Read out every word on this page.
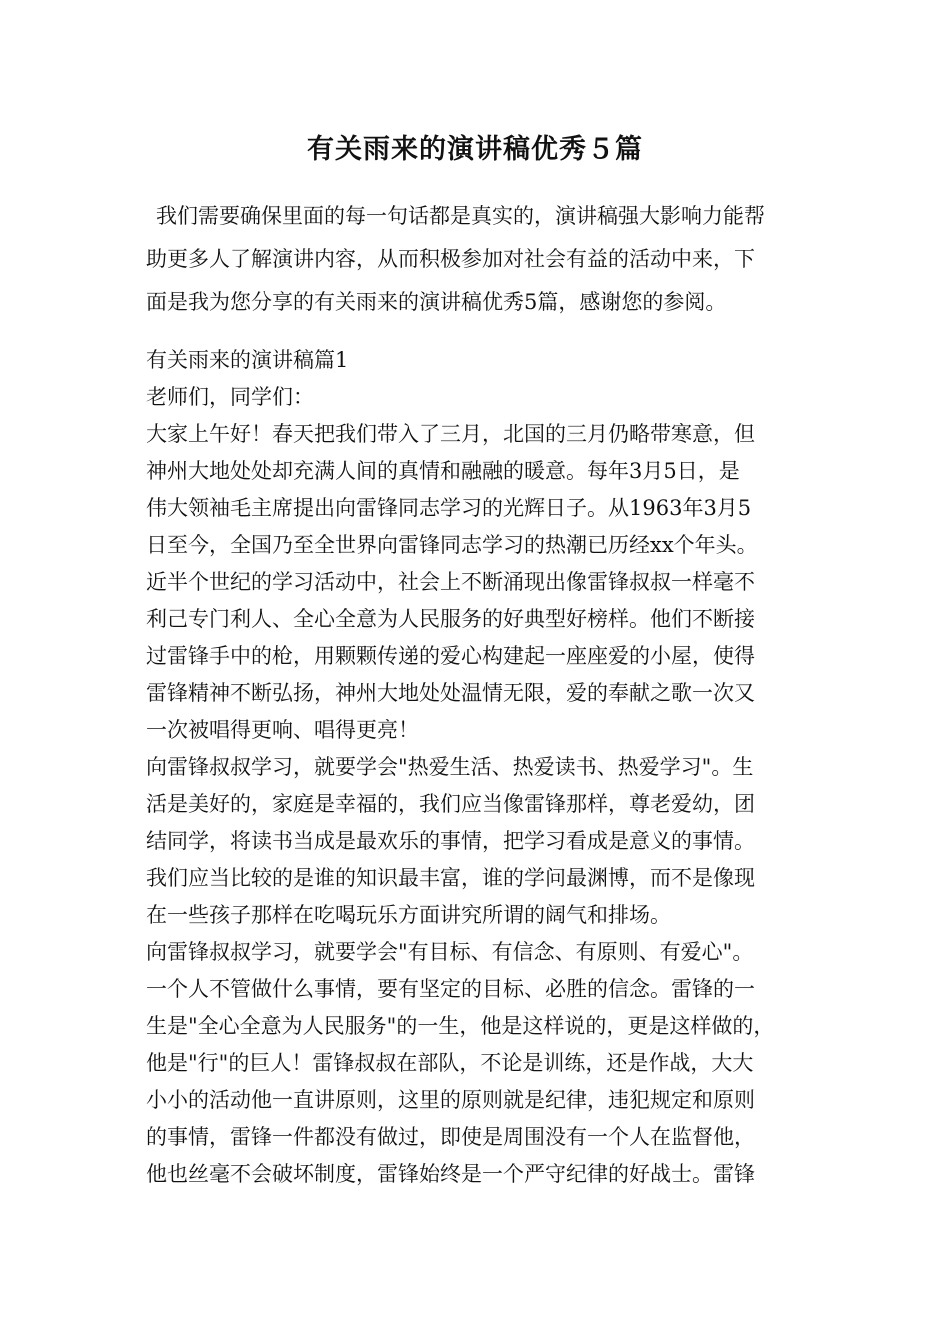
有关雨来的演讲稿优秀５篇
我们需要确保里面的每一句话都是真实的，演讲稿强大影响力能帮
助更多人了解演讲内容，从而积极参加对社会有益的活动中来，下
面是我为您分享的有关雨来的演讲稿优秀5篇，感谢您的参阅。
有关雨来的演讲稿篇1
老师们，同学们：
大家上午好！春天把我们带入了三月，北国的三月仍略带寒意，但
神州大地处处却充满人间的真情和融融的暖意。每年3月5日，是
伟大领袖毛主席提出向雷锋同志学习的光辉日子。从1963年3月5
日至今，全国乃至全世界向雷锋同志学习的热潮已历经xx个年头。
近半个世纪的学习活动中，社会上不断涌现出像雷锋叔叔一样毫不
利己专门利人、全心全意为人民服务的好典型好榜样。他们不断接
过雷锋手中的枪，用颗颗传递的爱心构建起一座座爱的小屋，使得
雷锋精神不断弘扬，神州大地处处温情无限，爱的奉献之歌一次又
一次被唱得更响、唱得更亮！
向雷锋叔叔学习，就要学会"热爱生活、热爱读书、热爱学习"。生
活是美好的，家庭是幸福的，我们应当像雷锋那样，尊老爱幼，团
结同学，将读书当成是最欢乐的事情，把学习看成是意义的事情。
我们应当比较的是谁的知识最丰富，谁的学问最渊博，而不是像现
在一些孩子那样在吃喝玩乐方面讲究所谓的阔气和排场。
向雷锋叔叔学习，就要学会"有目标、有信念、有原则、有爱心"。
一个人不管做什么事情，要有坚定的目标、必胜的信念。雷锋的一
生是"全心全意为人民服务"的一生，他是这样说的，更是这样做的，
他是"行"的巨人！雷锋叔叔在部队，不论是训练，还是作战，大大
小小的活动他一直讲原则，这里的原则就是纪律，违犯规定和原则
的事情，雷锋一件都没有做过，即使是周围没有一个人在监督他，
他也丝毫不会破坏制度，雷锋始终是一个严守纪律的好战士。雷锋
